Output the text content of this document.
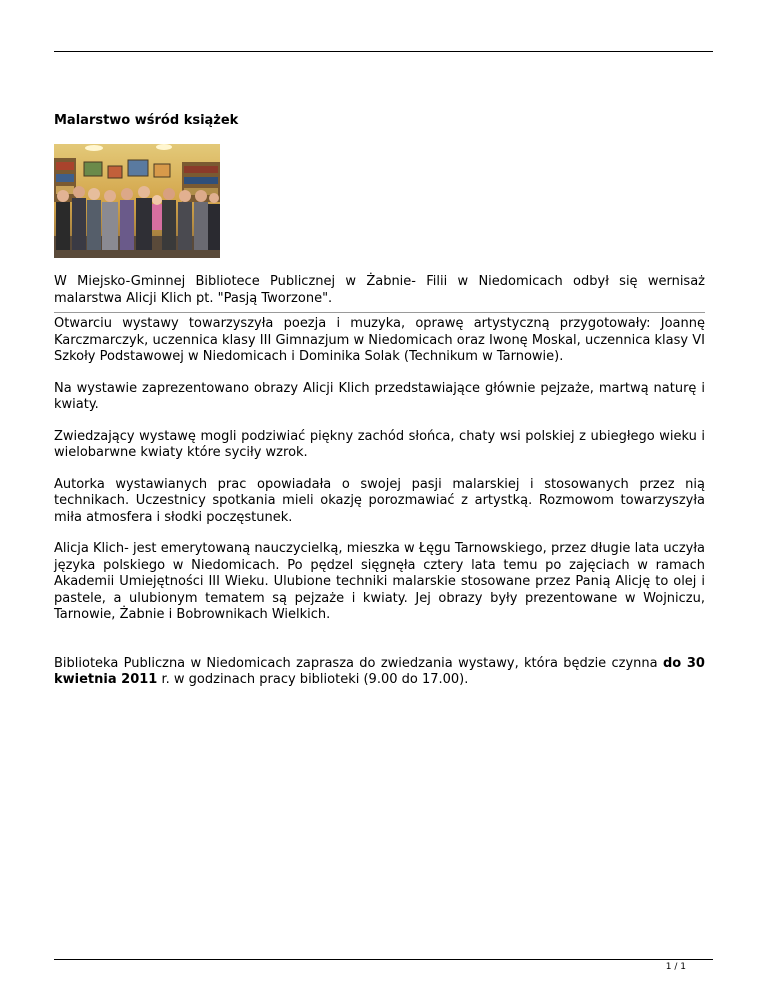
Malarstwo wśród książek

W Miejsko-Gminnej Bibliotece Publicznej w Żabnie- Filii w Niedomicach odbył się wernisaż malarstwa Alicji Klich pt. "Pasją Tworzone".

Otwarciu wystawy towarzyszyła poezja i muzyka, oprawę artystyczną przygotowały: Joannę Karczmarczyk, uczennica klasy III Gimnazjum w Niedomicach oraz Iwonę Moskal, uczennica klasy VI Szkoły Podstawowej w Niedomicach i Dominika Solak (Technikum w Tarnowie).

Na wystawie zaprezentowano obrazy Alicji Klich przedstawiające głównie pejzaże, martwą naturę i kwiaty.

Zwiedzający wystawę mogli podziwiać piękny zachód słońca, chaty wsi polskiej z ubiegłego wieku i wielobarwne kwiaty które syciły wzrok.

Autorka wystawianych prac opowiadała o swojej pasji malarskiej i stosowanych przez nią technikach. Uczestnicy spotkania mieli okazję porozmawiać z artystką. Rozmowom towarzyszyła miła atmosfera i słodki poczęstunek.

Alicja Klich- jest emerytowaną nauczycielką, mieszka w Łęgu Tarnowskiego, przez długie lata uczyła języka polskiego w Niedomicach. Po pędzel sięgnęła cztery lata temu po zajęciach w ramach Akademii Umiejętności III Wieku. Ulubione techniki malarskie stosowane przez Panią Alicję to olej i pastele, a ulubionym tematem są pejzaże i kwiaty. Jej obrazy były prezentowane w Wojniczu, Tarnowie, Żabnie i Bobrownikach Wielkich.

Biblioteka Publiczna w Niedomicach zaprasza do zwiedzania wystawy, która będzie czynna do 30 kwietnia 2011 r. w godzinach pracy biblioteki (9.00 do 17.00).

1 / 1
